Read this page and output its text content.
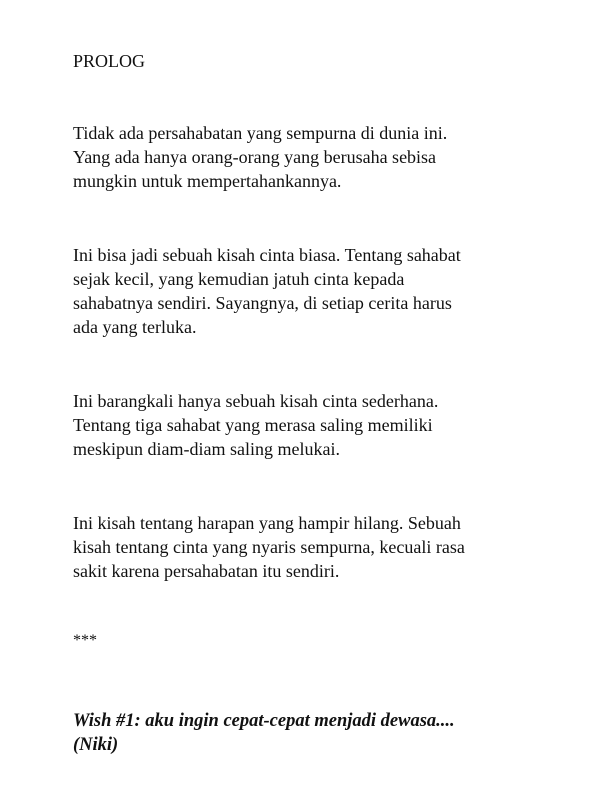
PROLOG
Tidak ada persahabatan yang sempurna di dunia ini.
Yang ada hanya orang-orang yang berusaha sebisa
mungkin untuk mempertahankannya.
Ini bisa jadi sebuah kisah cinta biasa. Tentang sahabat
sejak kecil, yang kemudian jatuh cinta kepada
sahabatnya sendiri. Sayangnya, di setiap cerita harus
ada yang terluka.
Ini barangkali hanya sebuah kisah cinta sederhana.
Tentang tiga sahabat yang merasa saling memiliki
meskipun diam-diam saling melukai.
Ini kisah tentang harapan yang hampir hilang. Sebuah
kisah tentang cinta yang nyaris sempurna, kecuali rasa
sakit karena persahabatan itu sendiri.
***
Wish #1: aku ingin cepat-cepat menjadi dewasa....
(Niki)
